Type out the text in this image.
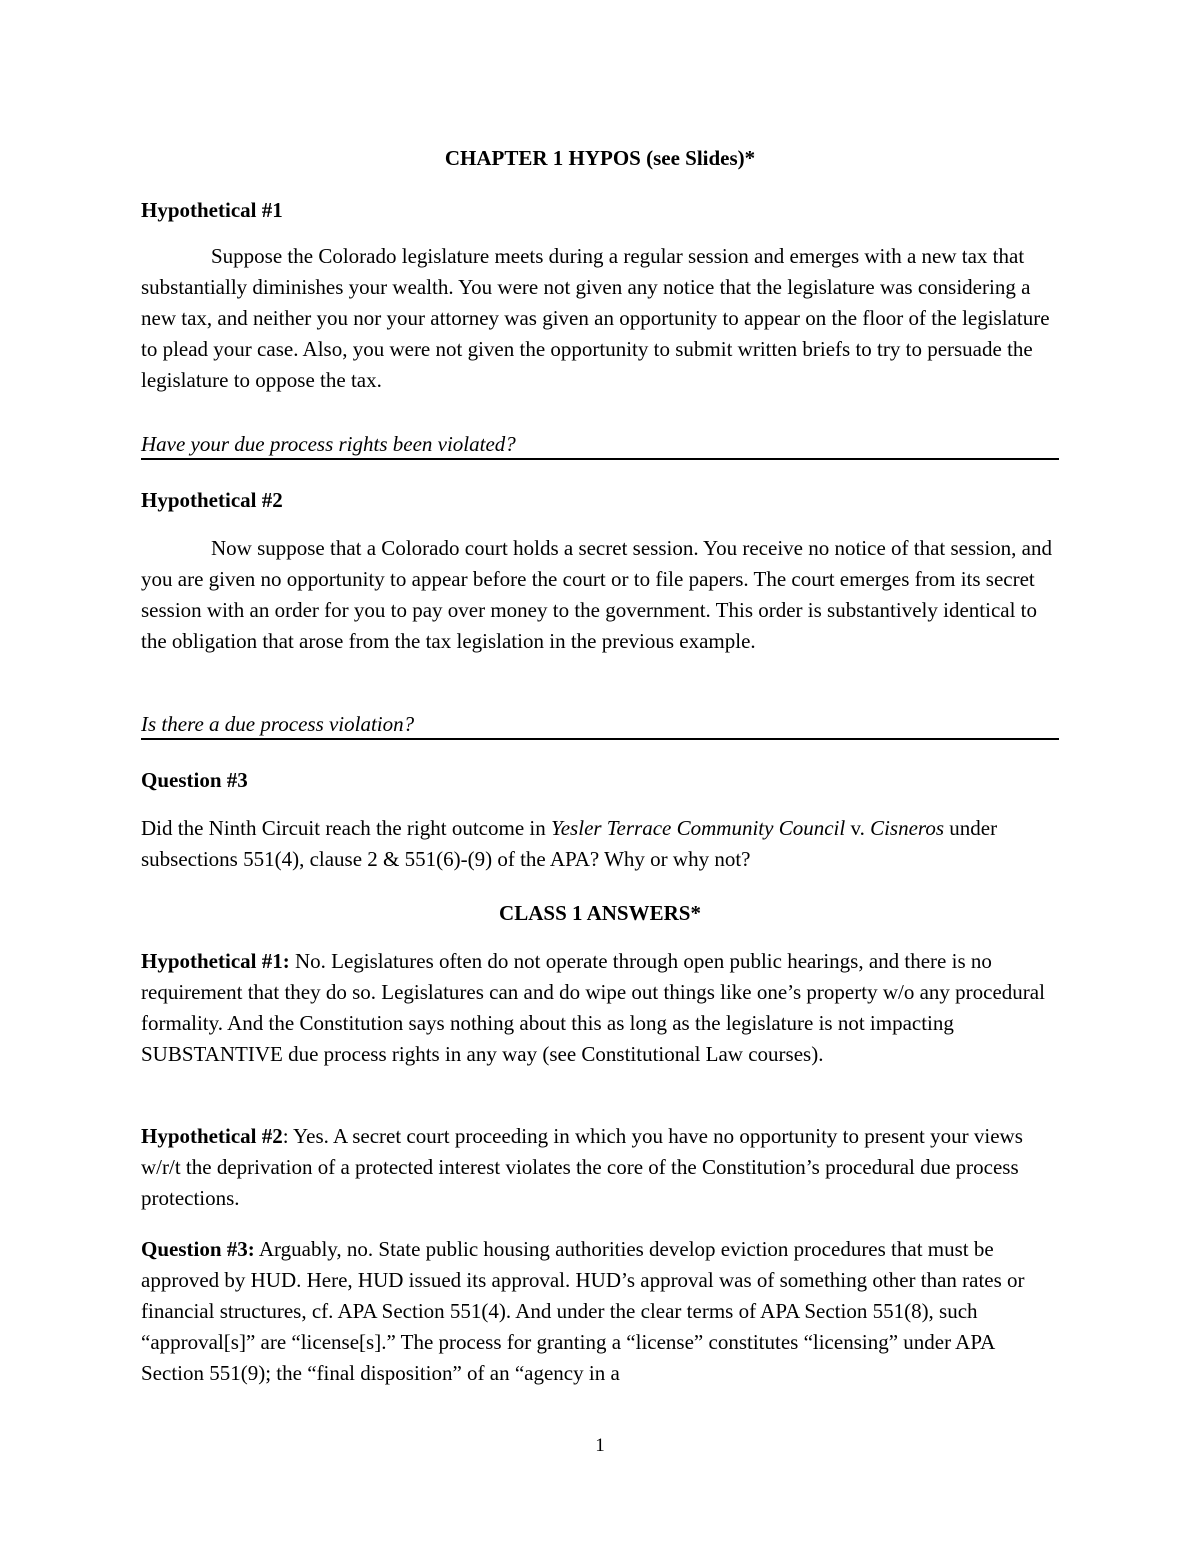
CHAPTER 1 HYPOS (see Slides)*
Hypothetical #1

Suppose the Colorado legislature meets during a regular session and emerges with a new tax that substantially diminishes your wealth. You were not given any notice that the legislature was considering a new tax, and neither you nor your attorney was given an opportunity to appear on the floor of the legislature to plead your case. Also, you were not given the opportunity to submit written briefs to try to persuade the legislature to oppose the tax.

Have your due process rights been violated?
Hypothetical #2

Now suppose that a Colorado court holds a secret session. You receive no notice of that session, and you are given no opportunity to appear before the court or to file papers. The court emerges from its secret session with an order for you to pay over money to the government. This order is substantively identical to the obligation that arose from the tax legislation in the previous example.

Is there a due process violation?
Question #3

Did the Ninth Circuit reach the right outcome in Yesler Terrace Community Council v. Cisneros under subsections 551(4), clause 2 & 551(6)-(9) of the APA? Why or why not?

CLASS 1 ANSWERS*

Hypothetical #1: No. Legislatures often do not operate through open public hearings, and there is no requirement that they do so. Legislatures can and do wipe out things like one’s property w/o any procedural formality. And the Constitution says nothing about this as long as the legislature is not impacting SUBSTANTIVE due process rights in any way (see Constitutional Law courses).

Hypothetical #2: Yes. A secret court proceeding in which you have no opportunity to present your views w/r/t the deprivation of a protected interest violates the core of the Constitution’s procedural due process protections.

Question #3: Arguably, no. State public housing authorities develop eviction procedures that must be approved by HUD. Here, HUD issued its approval. HUD’s approval was of something other than rates or financial structures, cf. APA Section 551(4). And under the clear terms of APA Section 551(8), such “approval[s]” are “license[s].” The process for granting a “license” constitutes “licensing” under APA Section 551(9); the “final disposition” of an “agency in a

1
